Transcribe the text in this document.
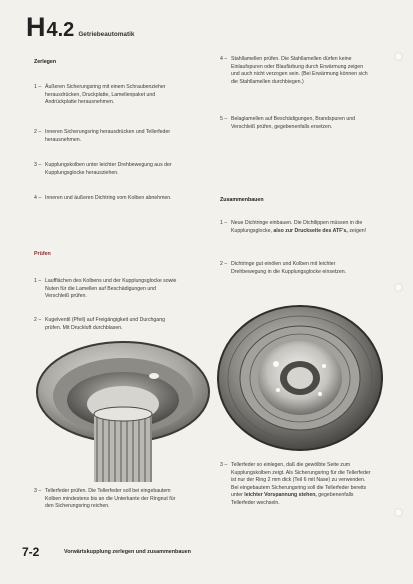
H 4.2 Getriebeautomatik
Zerlegen
1 – Äußeren Sicherungsring mit einem Schraubenzieher herausdrücken, Druckplatte, Lamellenpaket und Andrückplatte herausnehmen.
2 – Inneren Sicherungsring herausdrücken und Tellerfeder herausnehmen.
3 – Kupplungskolben unter leichter Drehbewegung aus der Kupplungsglocke herausziehen.
4 – Inneren und äußeren Dichtring vom Kolben abnehmen.
Prüfen
1 – Laufflächen des Kolbens und der Kupplungsglocke sowie Nuten für die Lamellen auf Beschädigungen und Verschleiß prüfen.
2 – Kugelventil (Pfeil) auf Freigängigkeit und Durchgang prüfen. Mit Druckluft durchblasen.
4 – Stahllamellen prüfen. Die Stahllamellen dürfen keine Einlaufspuren oder Blaufärbung durch Erwärmung zeigen und auch nicht verzogen sein. (Bei Erwärmung können sich die Stahllamellen durchbiegen.)
5 – Belaglamellen auf Beschädigungen, Brandspuren und Verschleiß prüfen, gegebenenfalls ersetzen.
Zusammenbauen
1 – Neue Dichtringe einbauen. Die Dichtlippen müssen in die Kupplungsglocke, also zur Druckseite des ATF's, zeigen!
2 – Dichtringe gut einölen und Kolben mit leichter Drehbewegung in die Kupplungsglocke einsetzen.
3 – Tellerfeder prüfen. Die Tellerfeder soll bei eingebautem Kolben mindestens bis an die Unterkante der Ringnut für den Sicherungsring reichen.
3 – Tellerfeder so einlegen, daß die gewölbte Seite zum Kupplungskolben zeigt. Als Sicherungsring für die Tellerfeder ist nur der Ring 2 mm dick (Teil 6 mit Nase) zu verwenden. Bei eingebautem Sicherungsring soll die Tellerfeder bereits unter leichter Vorspannung stehen, gegebenenfalls Tellerfeder wechseln.
7-2	Vorwärtskupplung zerlegen und zusammenbauen
